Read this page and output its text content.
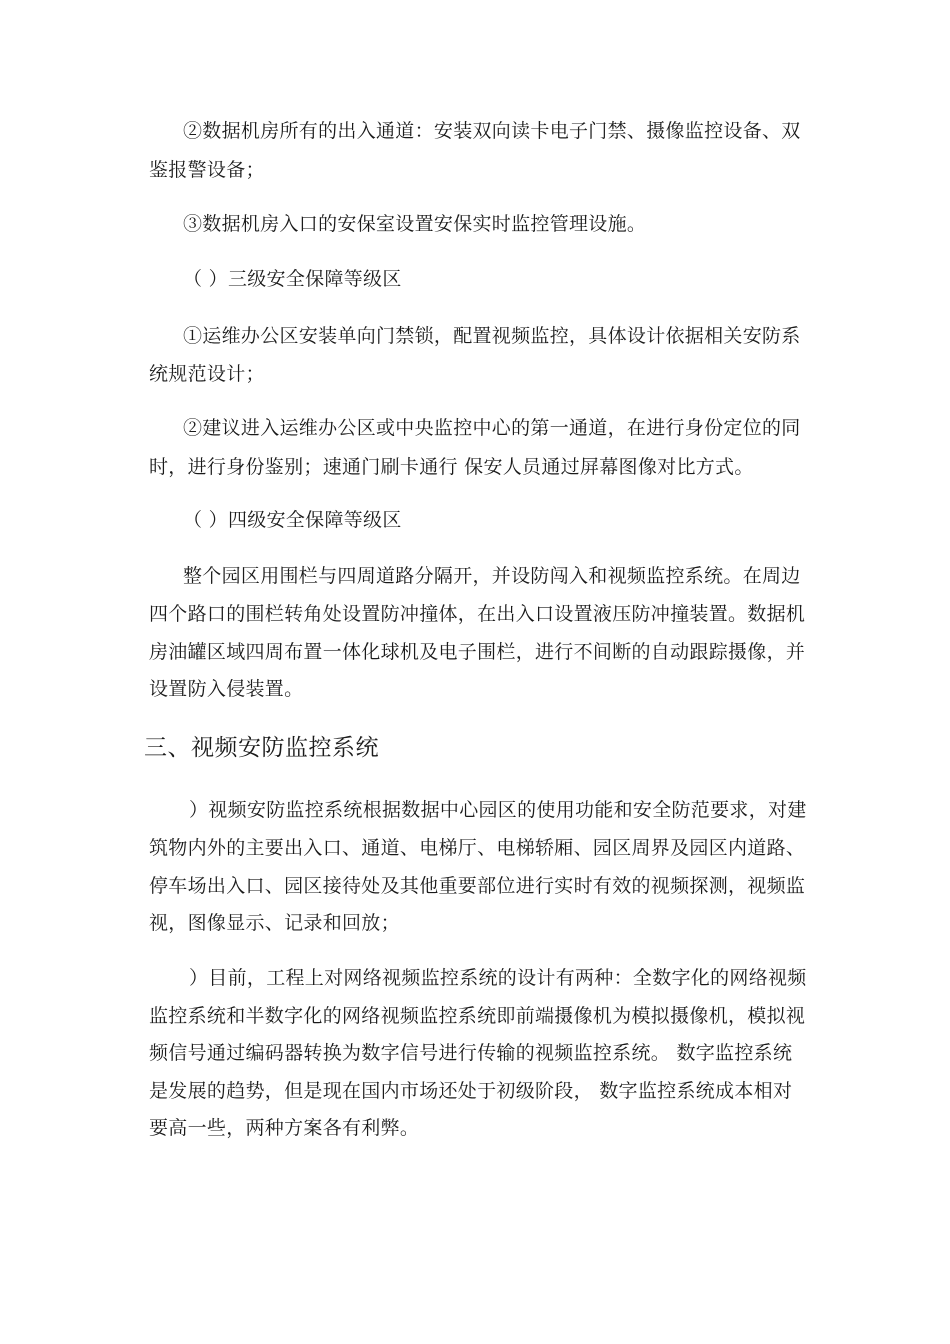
②数据机房所有的出入通道：安装双向读卡电子门禁、摄像监控设备、双
鉴报警设备；
③数据机房入口的安保室设置安保实时监控管理设施。
（ ）三级安全保障等级区
①运维办公区安装单向门禁锁，配置视频监控，具体设计依据相关安防系
统规范设计；
②建议进入运维办公区或中央监控中心的第一通道，在进行身份定位的同
时，进行身份鉴别；速通门刷卡通行 保安人员通过屏幕图像对比方式。
（ ）四级安全保障等级区
整个园区用围栏与四周道路分隔开，并设防闯入和视频监控系统。在周边
四个路口的围栏转角处设置防冲撞体，在出入口设置液压防冲撞装置。数据机
房油罐区域四周布置一体化球机及电子围栏，进行不间断的自动跟踪摄像，并
设置防入侵装置。
三、视频安防监控系统
）视频安防监控系统根据数据中心园区的使用功能和安全防范要求，对建
筑物内外的主要出入口、通道、电梯厅、电梯轿厢、园区周界及园区内道路、
停车场出入口、园区接待处及其他重要部位进行实时有效的视频探测，视频监
视，图像显示、记录和回放；
）目前，工程上对网络视频监控系统的设计有两种：全数字化的网络视频
监控系统和半数字化的网络视频监控系统即前端摄像机为模拟摄像机，模拟视
频信号通过编码器转换为数字信号进行传输的视频监控系统。 数字监控系统
是发展的趋势，但是现在国内市场还处于初级阶段， 数字监控系统成本相对
要高一些，两种方案各有利弊。
